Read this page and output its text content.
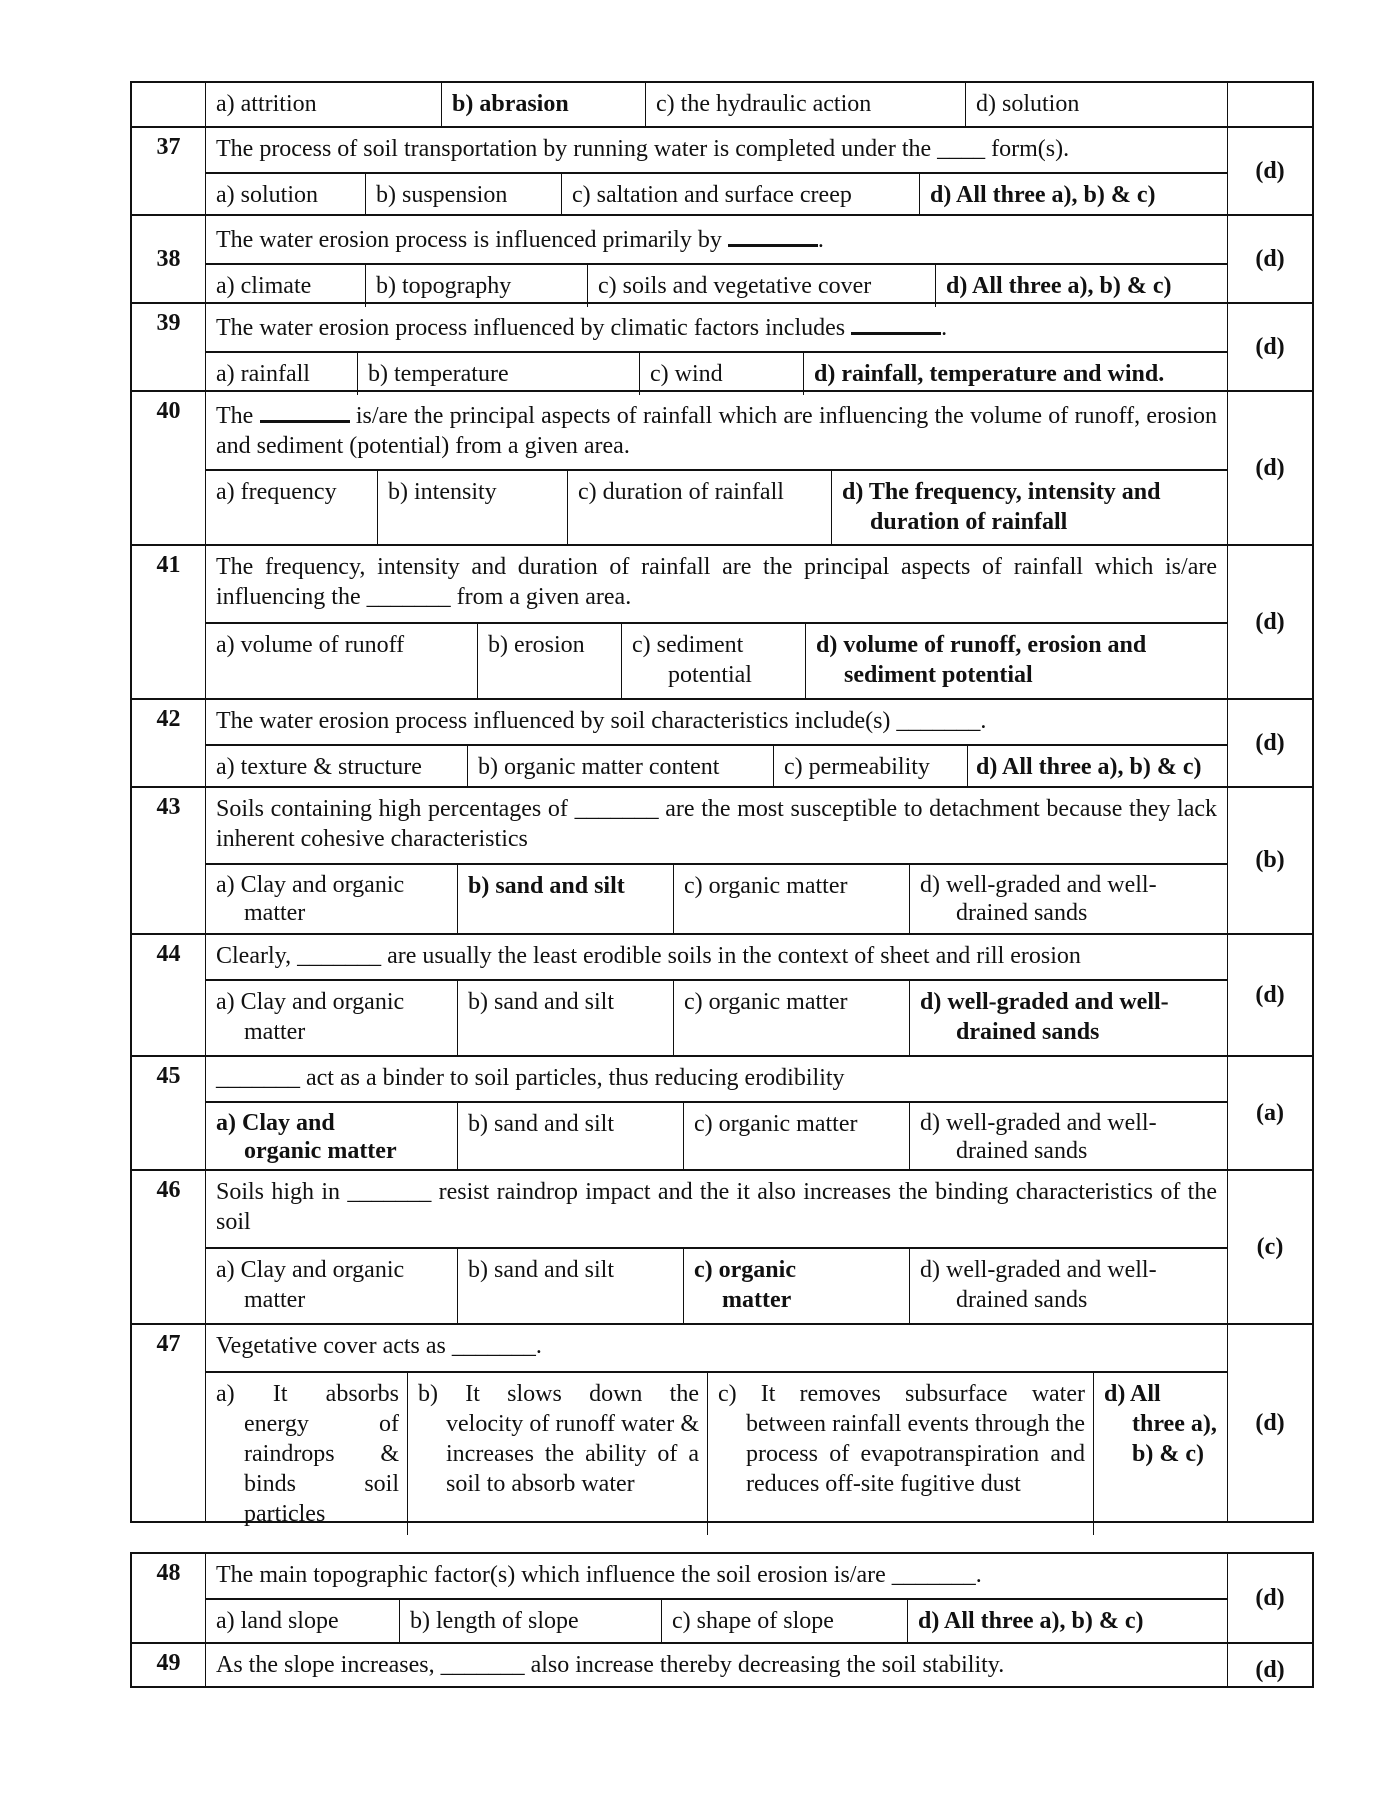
a) attrition	b) abrasion	c) the hydraulic action	d) solution
37	The process of soil transportation by running water is completed under the ____ form(s).
a) solution	b) suspension	c) saltation and surface creep	d) All three a), b) & c)
(d)
38
The water erosion process is influenced primarily by	.
a) climate	b) topography	c) soils and vegetative cover	d) All three a), b) & c)
(d)
39	The water erosion process influenced by climatic factors includes	.
a) rainfall	b) temperature	c) wind	d) rainfall, temperature and wind.
(d)
40	The	is/are the principal aspects of rainfall which are influencing the volume of runoff, erosion and sediment (potential) from a given area.
a) frequency	b) intensity	c) duration of rainfall	d) The frequency, intensity and
duration of rainfall
(d)
41	The frequency, intensity and duration of rainfall are the principal aspects of rainfall which is/are influencing the _______ from a given area.
a) volume of runoff	b) erosion	c) sediment
potential
d) volume of runoff, erosion and
sediment potential
(d)
42	The water erosion process influenced by soil characteristics include(s) _______.
a) texture & structure	b) organic matter content	c) permeability	d) All three a), b) & c)
(d)
43	Soils containing high percentages of _______ are the most susceptible to detachment because they lack inherent cohesive characteristics
a) Clay and organic
matter
b) sand and silt	c) organic matter	d) well-graded and well-
drained sands
(b)
44	Clearly, _______ are usually the least erodible soils in the context of sheet and rill erosion
a) Clay and organic
matter
b) sand and silt	c) organic matter	d) well-graded and well-
drained sands
(d)
45	_______ act as a binder to soil particles, thus reducing erodibility
a) Clay and
organic matter
b) sand and silt	c) organic matter	d) well-graded and well-
drained sands
(a)
46	Soils high in _______ resist raindrop impact and the it also increases the binding characteristics of the soil
a) Clay and organic
matter
b) sand and silt	c) organic
matter
d) well-graded and well-
drained sands
(c)
47	Vegetative cover acts as _______.
a) It absorbs
energy of raindrops & binds soil particles
b) It slows down the
velocity of runoff water & increases the ability of a soil to absorb water
c) It removes subsurface water
between rainfall events through the process of evapotranspiration and reduces off-site fugitive dust
d) All
three a), b) & c)
(d)
48	The main topographic factor(s) which influence the soil erosion is/are _______.
a) land slope	b) length of slope	c) shape of slope	d) All three a), b) & c)
(d)
49	As the slope increases, _______ also increase thereby decreasing the soil stability.	(d)
